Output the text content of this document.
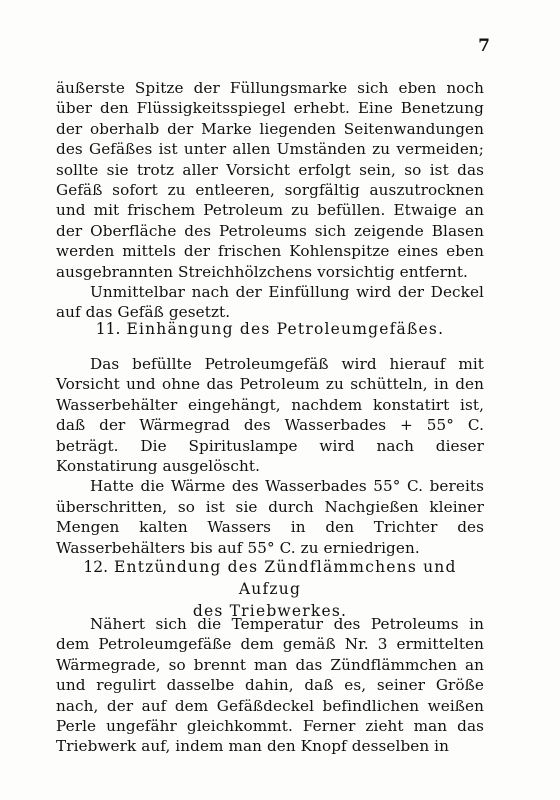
7

äußerste Spitze der Füllungsmarke sich eben noch über den Flüssigkeitsspiegel erhebt. Eine Benetzung der oberhalb der Marke liegenden Seitenwandungen des Gefäßes ist unter allen Umständen zu vermeiden; sollte sie trotz aller Vorsicht erfolgt sein, so ist das Gefäß sofort zu entleeren, sorgfältig auszutrocknen und mit frischem Petroleum zu befüllen. Etwaige an der Oberfläche des Petroleums sich zeigende Blasen werden mittels der frischen Kohlenspitze eines eben ausgebrannten Streichhölzchens vorsichtig entfernt.

Unmittelbar nach der Einfüllung wird der Deckel auf das Gefäß gesetzt.

11. Einhängung des Petroleumgefäßes.

Das befüllte Petroleumgefäß wird hierauf mit Vorsicht und ohne das Petroleum zu schütteln, in den Wasserbehälter eingehängt, nachdem konstatirt ist, daß der Wärmegrad des Wasserbades + 55° C. beträgt. Die Spirituslampe wird nach dieser Konstatirung ausgelöscht.

Hatte die Wärme des Wasserbades 55° C. bereits überschritten, so ist sie durch Nachgießen kleiner Mengen kalten Wassers in den Trichter des Wasserbehälters bis auf 55° C. zu erniedrigen.

12. Entzündung des Zündflämmchens und Aufzug
des Triebwerkes.

Nähert sich die Temperatur des Petroleums in dem Petroleumgefäße dem gemäß Nr. 3 ermittelten Wärmegrade, so brennt man das Zündflämmchen an und regulirt dasselbe dahin, daß es, seiner Größe nach, der auf dem Gefäßdeckel befindlichen weißen Perle ungefähr gleichkommt. Ferner zieht man das Triebwerk auf, indem man den Knopf desselben in
